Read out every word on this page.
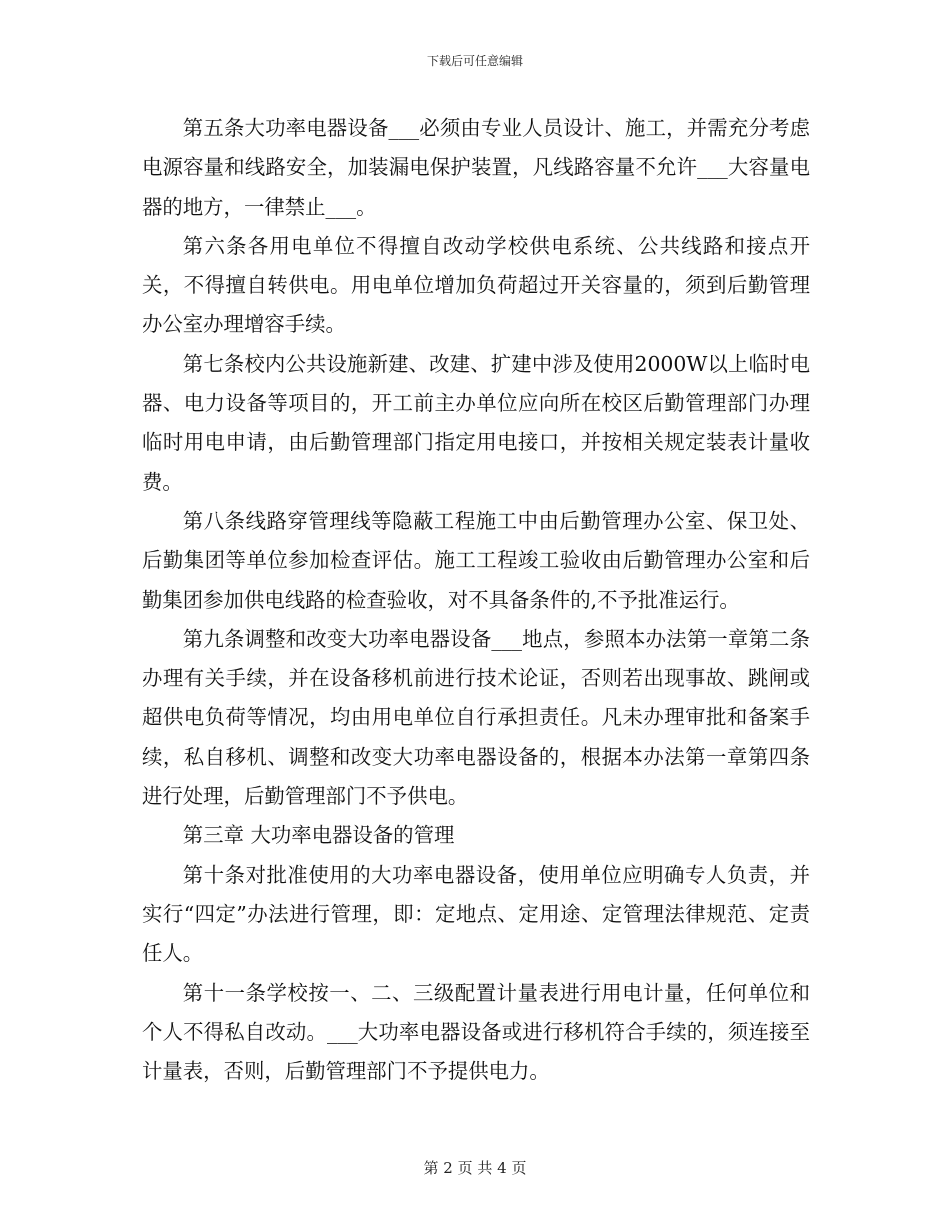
下载后可任意编辑

第五条大功率电器设备___必须由专业人员设计、施工，并需充分考虑电源容量和线路安全，加装漏电保护装置，凡线路容量不允许___大容量电器的地方，一律禁止___。

第六条各用电单位不得擅自改动学校供电系统、公共线路和接点开关，不得擅自转供电。用电单位增加负荷超过开关容量的，须到后勤管理办公室办理增容手续。

第七条校内公共设施新建、改建、扩建中涉及使用2000W以上临时电器、电力设备等项目的，开工前主办单位应向所在校区后勤管理部门办理临时用电申请，由后勤管理部门指定用电接口，并按相关规定装表计量收费。

第八条线路穿管理线等隐蔽工程施工中由后勤管理办公室、保卫处、后勤集团等单位参加检查评估。施工工程竣工验收由后勤管理办公室和后勤集团参加供电线路的检查验收，对不具备条件的,不予批准运行。

第九条调整和改变大功率电器设备___地点，参照本办法第一章第二条办理有关手续，并在设备移机前进行技术论证，否则若出现事故、跳闸或超供电负荷等情况，均由用电单位自行承担责任。凡未办理审批和备案手续，私自移机、调整和改变大功率电器设备的，根据本办法第一章第四条进行处理，后勤管理部门不予供电。

第三章 大功率电器设备的管理

第十条对批准使用的大功率电器设备，使用单位应明确专人负责，并实行“四定”办法进行管理，即：定地点、定用途、定管理法律规范、定责任人。

第十一条学校按一、二、三级配置计量表进行用电计量，任何单位和个人不得私自改动。___大功率电器设备或进行移机符合手续的，须连接至计量表，否则，后勤管理部门不予提供电力。

第 2 页 共 4 页
